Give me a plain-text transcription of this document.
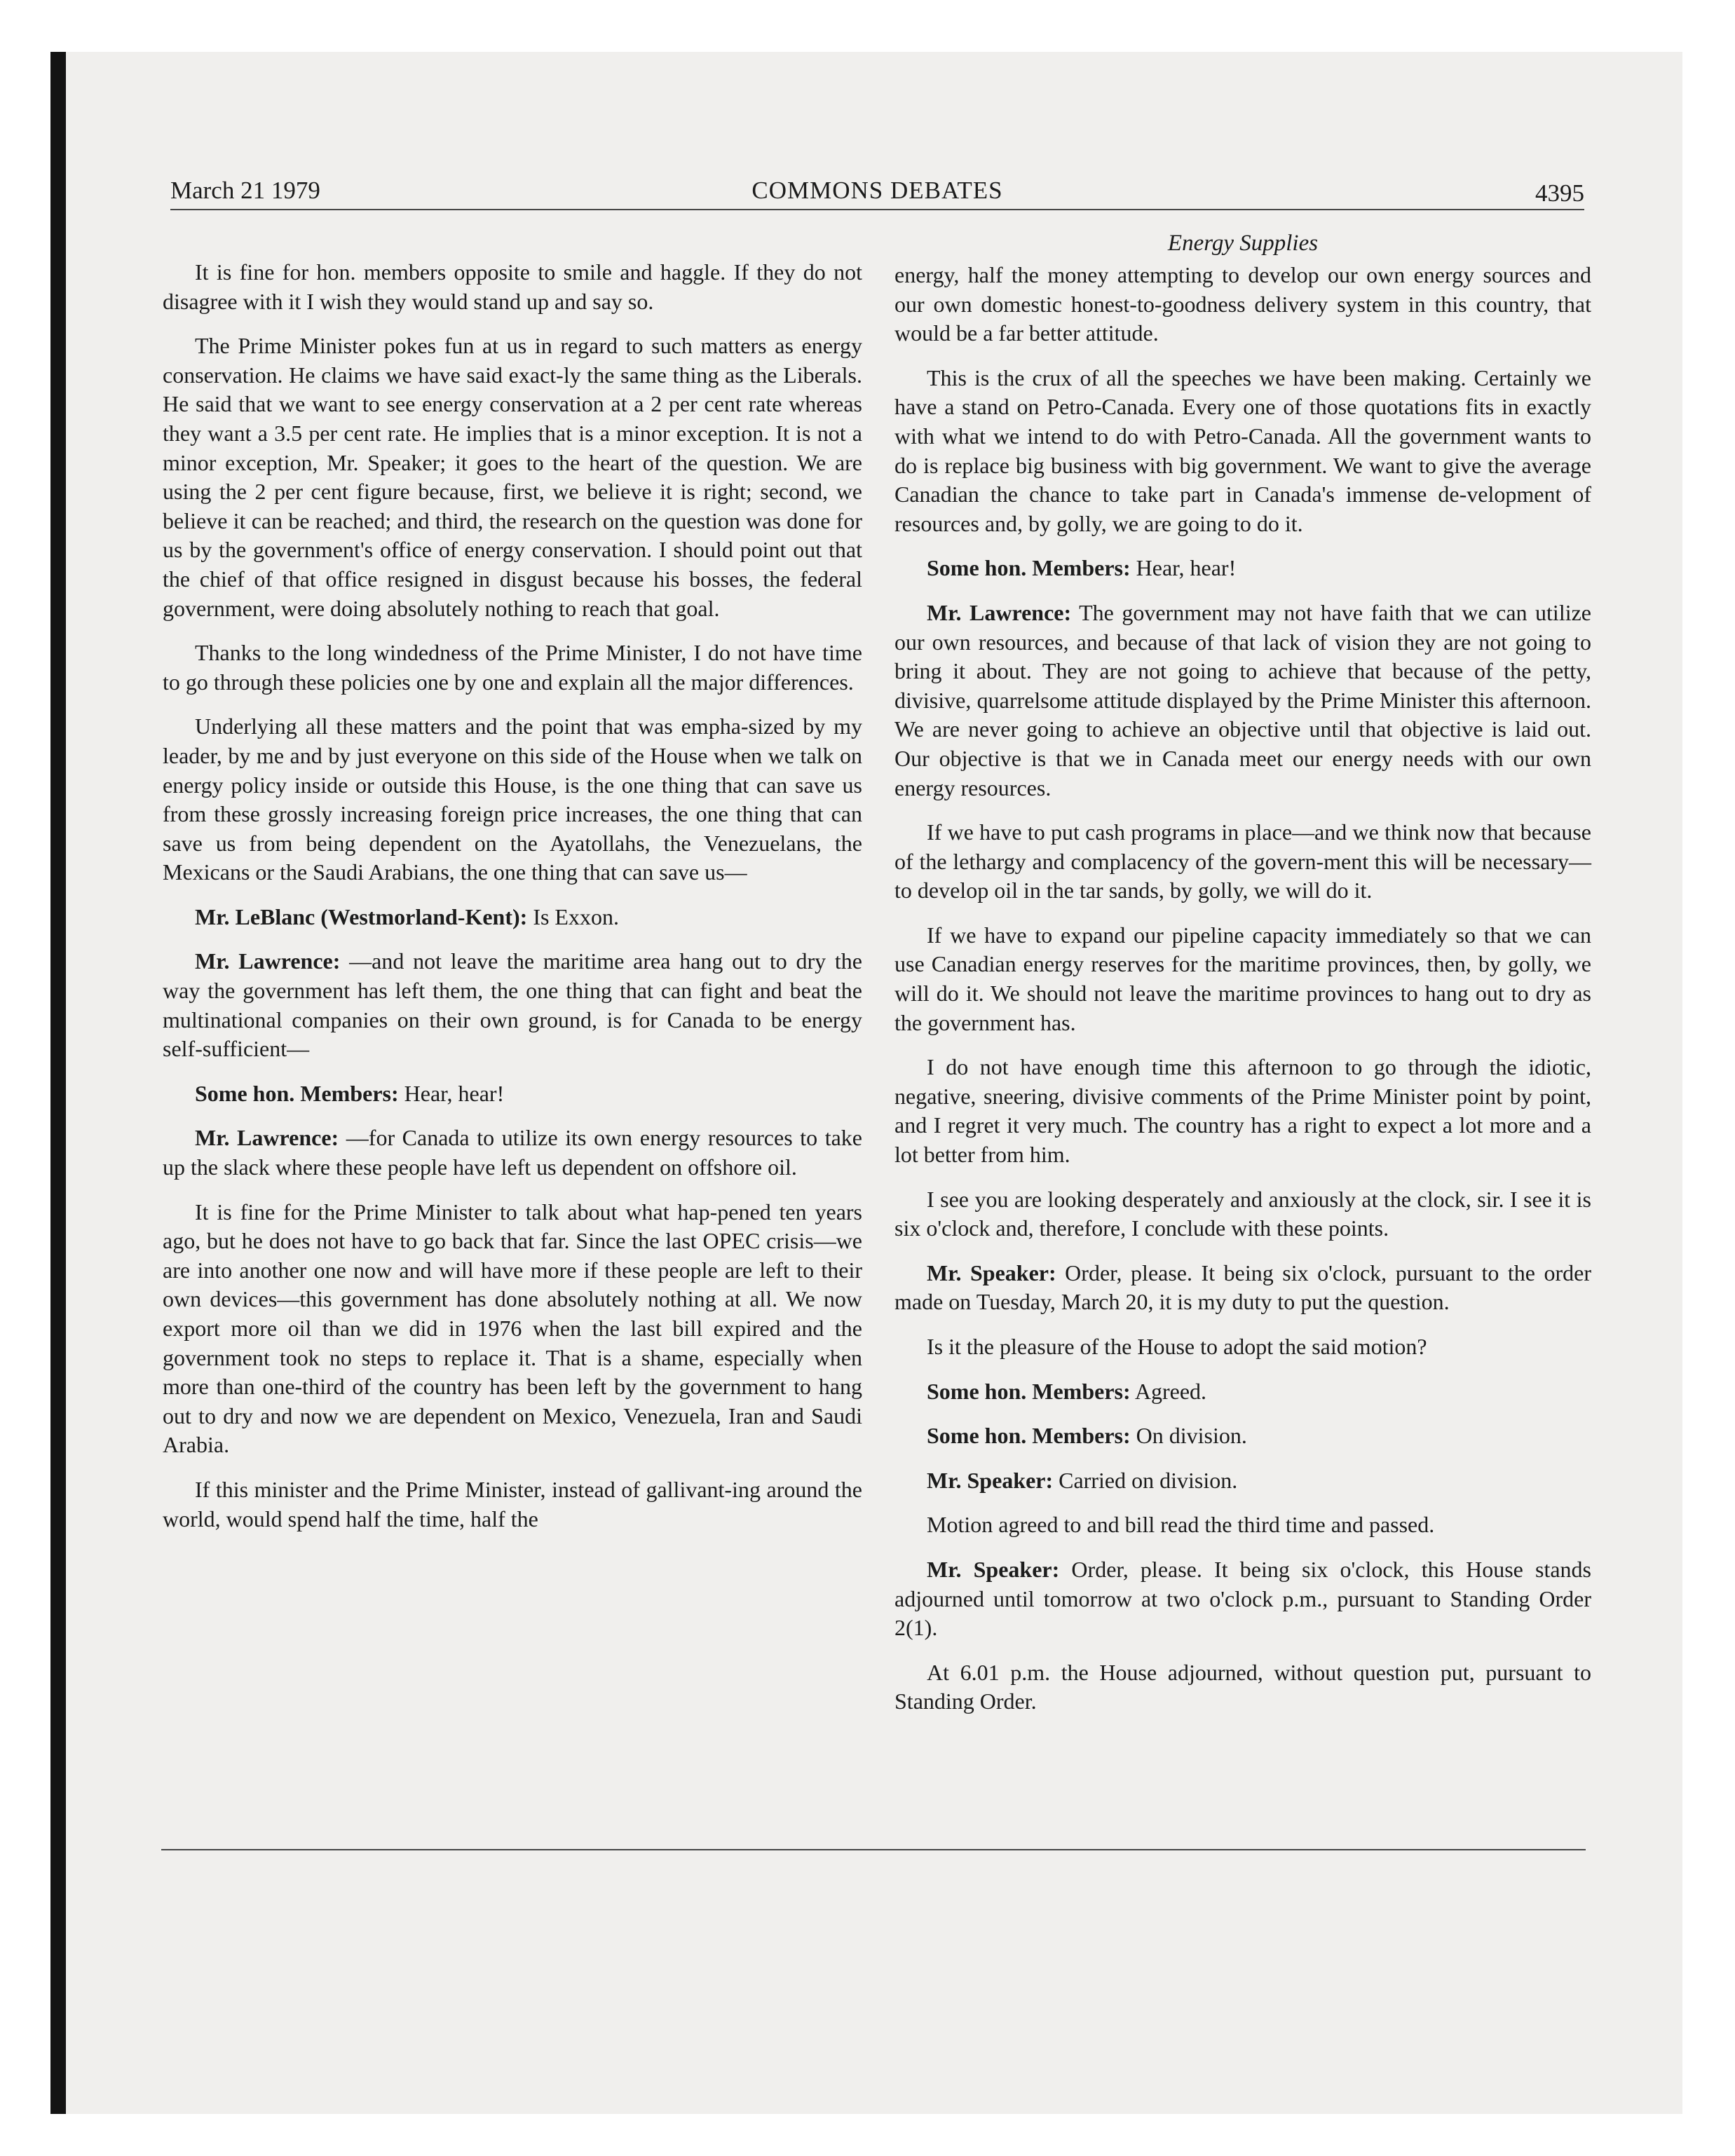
March 21 1979	COMMONS DEBATES	4395

It is fine for hon. members opposite to smile and haggle. If they do not disagree with it I wish they would stand up and say so.

The Prime Minister pokes fun at us in regard to such matters as energy conservation. He claims we have said exact-ly the same thing as the Liberals. He said that we want to see energy conservation at a 2 per cent rate whereas they want a 3.5 per cent rate. He implies that is a minor exception. It is not a minor exception, Mr. Speaker; it goes to the heart of the question. We are using the 2 per cent figure because, first, we believe it is right; second, we believe it can be reached; and third, the research on the question was done for us by the government's office of energy conservation. I should point out that the chief of that office resigned in disgust because his bosses, the federal government, were doing absolutely nothing to reach that goal.

Thanks to the long windedness of the Prime Minister, I do not have time to go through these policies one by one and explain all the major differences.

Underlying all these matters and the point that was empha-sized by my leader, by me and by just everyone on this side of the House when we talk on energy policy inside or outside this House, is the one thing that can save us from these grossly increasing foreign price increases, the one thing that can save us from being dependent on the Ayatollahs, the Venezuelans, the Mexicans or the Saudi Arabians, the one thing that can save us—

Mr. LeBlanc (Westmorland-Kent): Is Exxon.

Mr. Lawrence: —and not leave the maritime area hang out to dry the way the government has left them, the one thing that can fight and beat the multinational companies on their own ground, is for Canada to be energy self-sufficient—

Some hon. Members: Hear, hear!

Mr. Lawrence: —for Canada to utilize its own energy resources to take up the slack where these people have left us dependent on offshore oil.

It is fine for the Prime Minister to talk about what hap-pened ten years ago, but he does not have to go back that far. Since the last OPEC crisis—we are into another one now and will have more if these people are left to their own devices—this government has done absolutely nothing at all. We now export more oil than we did in 1976 when the last bill expired and the government took no steps to replace it. That is a shame, especially when more than one-third of the country has been left by the government to hang out to dry and now we are dependent on Mexico, Venezuela, Iran and Saudi Arabia.

If this minister and the Prime Minister, instead of gallivant-ing around the world, would spend half the time, half the

Energy Supplies

energy, half the money attempting to develop our own energy sources and our own domestic honest-to-goodness delivery system in this country, that would be a far better attitude.

This is the crux of all the speeches we have been making. Certainly we have a stand on Petro-Canada. Every one of those quotations fits in exactly with what we intend to do with Petro-Canada. All the government wants to do is replace big business with big government. We want to give the average Canadian the chance to take part in Canada's immense de-velopment of resources and, by golly, we are going to do it.

Some hon. Members: Hear, hear!

Mr. Lawrence: The government may not have faith that we can utilize our own resources, and because of that lack of vision they are not going to bring it about. They are not going to achieve that because of the petty, divisive, quarrelsome attitude displayed by the Prime Minister this afternoon. We are never going to achieve an objective until that objective is laid out. Our objective is that we in Canada meet our energy needs with our own energy resources.

If we have to put cash programs in place—and we think now that because of the lethargy and complacency of the govern-ment this will be necessary—to develop oil in the tar sands, by golly, we will do it.

If we have to expand our pipeline capacity immediately so that we can use Canadian energy reserves for the maritime provinces, then, by golly, we will do it. We should not leave the maritime provinces to hang out to dry as the government has.

I do not have enough time this afternoon to go through the idiotic, negative, sneering, divisive comments of the Prime Minister point by point, and I regret it very much. The country has a right to expect a lot more and a lot better from him.

I see you are looking desperately and anxiously at the clock, sir. I see it is six o'clock and, therefore, I conclude with these points.

Mr. Speaker: Order, please. It being six o'clock, pursuant to the order made on Tuesday, March 20, it is my duty to put the question.

Is it the pleasure of the House to adopt the said motion?

Some hon. Members: Agreed.

Some hon. Members: On division.

Mr. Speaker: Carried on division.

Motion agreed to and bill read the third time and passed.

Mr. Speaker: Order, please. It being six o'clock, this House stands adjourned until tomorrow at two o'clock p.m., pursuant to Standing Order 2(1).

At 6.01 p.m. the House adjourned, without question put, pursuant to Standing Order.
